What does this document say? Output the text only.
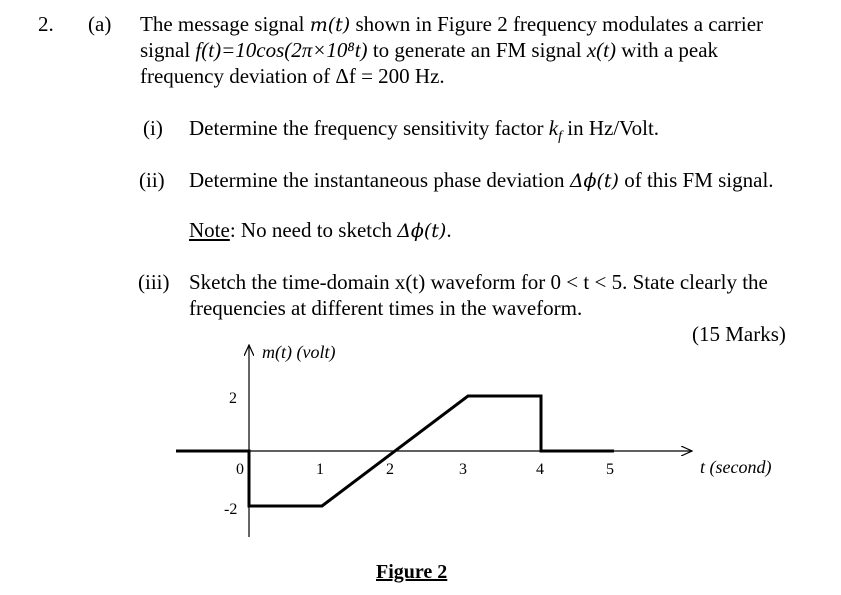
2. (a) The message signal m(t) shown in Figure 2 frequency modulates a carrier
signal f(t)=10cos(2π×10⁸t) to generate an FM signal x(t) with a peak
frequency deviation of Δf = 200 Hz.
(i) Determine the frequency sensitivity factor $k_f$ in Hz/Volt.
(ii) Determine the instantaneous phase deviation Δϕ(t) of this FM signal.
Note: No need to sketch Δϕ(t).
(iii) Sketch the time-domain x(t) waveform for 0 < t < 5. State clearly the
frequencies at different times in the waveform.
(15 Marks)
m(t) (volt)
t (second)
2
-2
0	1	2	3	4	5
Figure 2
